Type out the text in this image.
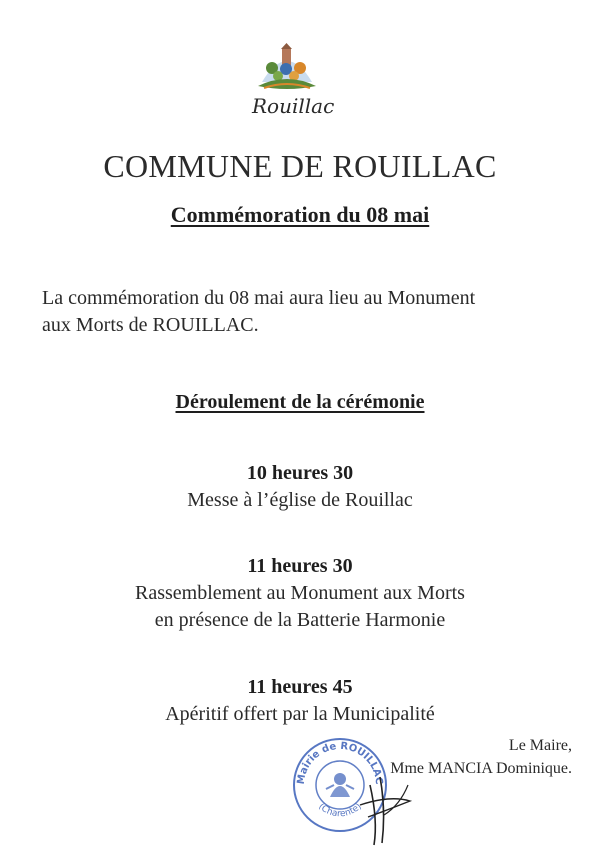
Rouillac
COMMUNE DE ROUILLAC
Commémoration du 08 mai
La commémoration du 08 mai aura lieu au Monument
aux Morts de ROUILLAC.
Déroulement de la cérémonie
10 heures 30
Messe à l’église de Rouillac
11 heures 30
Rassemblement au Monument aux Morts
en présence de la Batterie Harmonie
11 heures 45
Apéritif offert par la Municipalité
Mairie de ROUILLAC
(Charente)
Le Maire,
Mme MANCIA Dominique.
